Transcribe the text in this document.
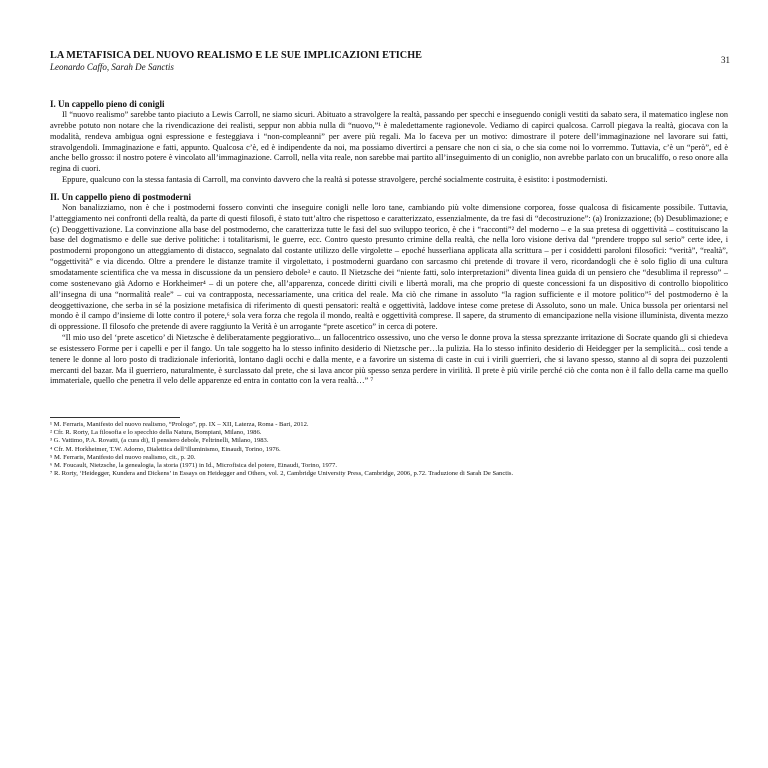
31

LA METAFISICA DEL NUOVO REALISMO E LE SUE IMPLICAZIONI ETICHE

Leonardo Caffo, Sarah De Sanctis

I. Un cappello pieno di conigli

Il “nuovo realismo” sarebbe tanto piaciuto a Lewis Carroll, ne siamo sicuri. Abituato a stravolgere la realtà, passando per specchi e inseguendo conigli vestiti da sabato sera, il matematico inglese non avrebbe potuto non notare che la rivendicazione dei realisti, seppur non abbia nulla di “nuovo,”¹ è maledettamente ragionevole. Vediamo di capirci qualcosa. Carroll piegava la realtà, giocava con la modalità, rendeva ambigua ogni espressione e festeggiava i “non-compleanni” per avere più regali. Ma lo faceva per un motivo: dimostrare il potere dell’immaginazione nel lavorare sui fatti, stravolgendoli. Immaginazione e fatti, appunto. Qualcosa c’è, ed è indipendente da noi, ma possiamo divertirci a pensare che non ci sia, o che sia come noi lo vorremmo. Tuttavia, c’è un “però”, ed è anche bello grosso: il nostro potere è vincolato all’immaginazione. Carroll, nella vita reale, non sarebbe mai partito all’inseguimento di un coniglio, non avrebbe parlato con un brucaliffo, o reso onore alla regina di cuori.

Eppure, qualcuno con la stessa fantasia di Carroll, ma convinto davvero che la realtà si potesse stravolgere, perché socialmente costruita, è esistito: i postmodernisti.

II. Un cappello pieno di postmoderni

Non banalizziamo, non è che i postmoderni fossero convinti che inseguire conigli nelle loro tane, cambiando più volte dimensione corporea, fosse qualcosa di fisicamente possibile. Tuttavia, l’atteggiamento nei confronti della realtà, da parte di questi filosofi, è stato tutt’altro che rispettoso e caratterizzato, essenzialmente, da tre fasi di “decostruzione”: (a) Ironizzazione; (b) Desublimazione; e (c) Deoggettivazione. La convinzione alla base del postmoderno, che caratterizza tutte le fasi del suo sviluppo teorico, è che i “racconti”² del moderno – e la sua pretesa di oggettività – costituiscano la base del dogmatismo e delle sue derive politiche: i totalitarismi, le guerre, ecc. Contro questo presunto crimine della realtà, che nella loro visione deriva dal “prendere troppo sul serio” certe idee, i postmoderni propongono un atteggiamento di distacco, segnalato dal costante utilizzo delle virgolette – epoché husserliana applicata alla scrittura – per i cosiddetti paroloni filosofici: “verità”, “realtà”, “oggettività” e via dicendo. Oltre a prendere le distanze tramite il virgolettato, i postmoderni guardano con sarcasmo chi pretende di trovare il vero, ricordandogli che è solo figlio di una cultura smodatamente scientifica che va messa in discussione da un pensiero debole³ e cauto. Il Nietzsche dei “niente fatti, solo interpretazioni” diventa linea guida di un pensiero che “desublima il represso” – come sostenevano già Adorno e Horkheimer⁴ – di un potere che, all’apparenza, concede diritti civili e libertà morali, ma che proprio di queste concessioni fa un dispositivo di controllo biopolitico all’insegna di una “normalità reale” – cui va contrapposta, necessariamente, una critica del reale. Ma ciò che rimane in assoluto “la ragion sufficiente e il motore politico”⁵ del postmoderno è la deoggettivazione, che serba in sé la posizione metafisica di riferimento di questi pensatori: realtà e oggettività, laddove intese come pretese di Assoluto, sono un male. Unica bussola per orientarsi nel mondo è il campo d’insieme di lotte contro il potere,⁶ sola vera forza che regola il mondo, realtà e oggettività comprese. Il sapere, da strumento di emancipazione nella visione illuminista, diventa mezzo di oppressione. Il filosofo che pretende di avere raggiunto la Verità è un arrogante “prete ascetico” in cerca di potere.

“Il mio uso del ‘prete ascetico’ di Nietzsche è deliberatamente peggiorativo... un fallocentrico ossessivo, uno che verso le donne prova la stessa sprezzante irritazione di Socrate quando gli si chiedeva se esistessero Forme per i capelli e per il fango. Un tale soggetto ha lo stesso infinito desiderio di Nietzsche per…la pulizia. Ha lo stesso infinito desiderio di Heidegger per la semplicità... così tende a tenere le donne al loro posto di tradizionale inferiorità, lontano dagli occhi e dalla mente, e a favorire un sistema di caste in cui i virili guerrieri, che si lavano spesso, stanno al di sopra dei puzzolenti mercanti del bazar. Ma il guerriero, naturalmente, è surclassato dal prete, che si lava ancor più spesso senza perdere in virilità. Il prete è più virile perché ciò che conta non è il fallo della carne ma quello immateriale, quello che penetra il velo delle apparenze ed entra in contatto con la vera realtà…” ⁷

¹ M. Ferraris, Manifesto del nuovo realismo, “Prologo”, pp. IX – XII, Laterza, Roma - Bari, 2012.

² Cfr. R. Rorty, La filosofia e lo specchio della Natura, Bompiani, Milano, 1986.

³ G. Vattimo, P.A. Rovatti, (a cura di), Il pensiero debole, Feltrinelli, Milano, 1983.

⁴ Cfr. M. Horkheimer, T.W. Adorno, Dialettica dell’illuminismo, Einaudi, Torino, 1976.

⁵ M. Ferraris, Manifesto del nuovo realismo, cit., p. 20.

⁶ M. Foucault, Nietzsche, la genealogia, la storia (1971) in Id., Microfisica del potere, Einaudi, Torino, 1977.

⁷ R. Rorty, ‘Heidegger, Kundera and Dickens’ in Essays on Heidegger and Others, vol. 2, Cambridge University Press, Cambridge, 2006, p.72. Traduzione di Sarah De Sanctis.
